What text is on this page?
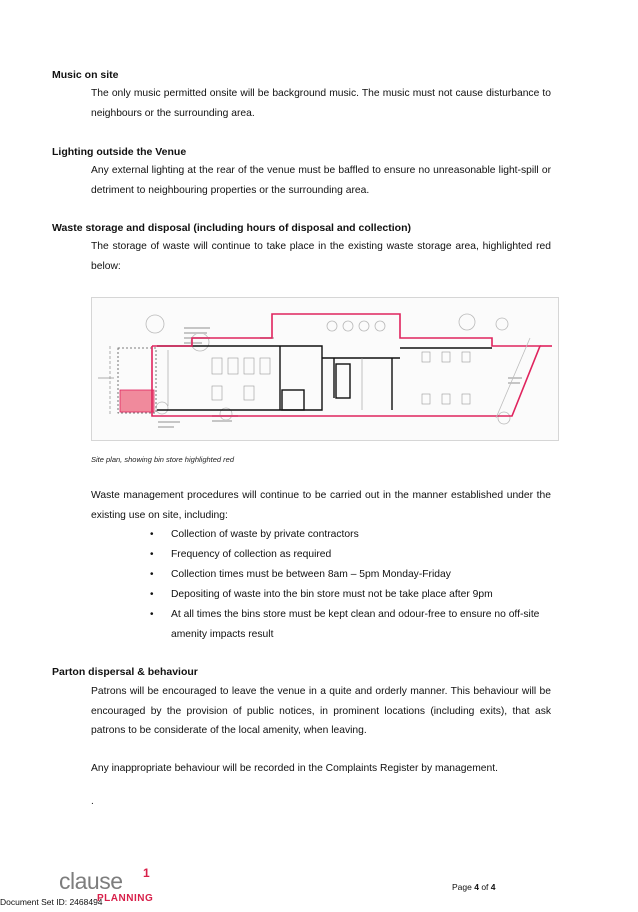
Music on site

The only music permitted onsite will be background music. The music must not cause disturbance to neighbours or the surrounding area.

Lighting outside the Venue

Any external lighting at the rear of the venue must be baffled to ensure no unreasonable light-spill or detriment to neighbouring properties or the surrounding area.

Waste storage and disposal (including hours of disposal and collection)

The storage of waste will continue to take place in the existing waste storage area, highlighted red below:

Site plan, showing bin store highlighted red

Waste management procedures will continue to be carried out in the manner established under the existing use on site, including:

• Collection of waste by private contractors
• Frequency of collection as required
• Collection times must be between 8am – 5pm Monday-Friday
• Depositing of waste into the bin store must not be take place after 9pm
• At all times the bins store must be kept clean and odour-free to ensure no off-site amenity impacts result
Parton dispersal & behaviour

Patrons will be encouraged to leave the venue in a quite and orderly manner. This behaviour will be encouraged by the provision of public notices, in prominent locations (including exits), that ask patrons to be considerate of the local amenity, when leaving.

Any inappropriate behaviour will be recorded in the Complaints Register by management.

.
clause 1
PLANNING
Document Set ID: 2468494
Page 4 of 4
